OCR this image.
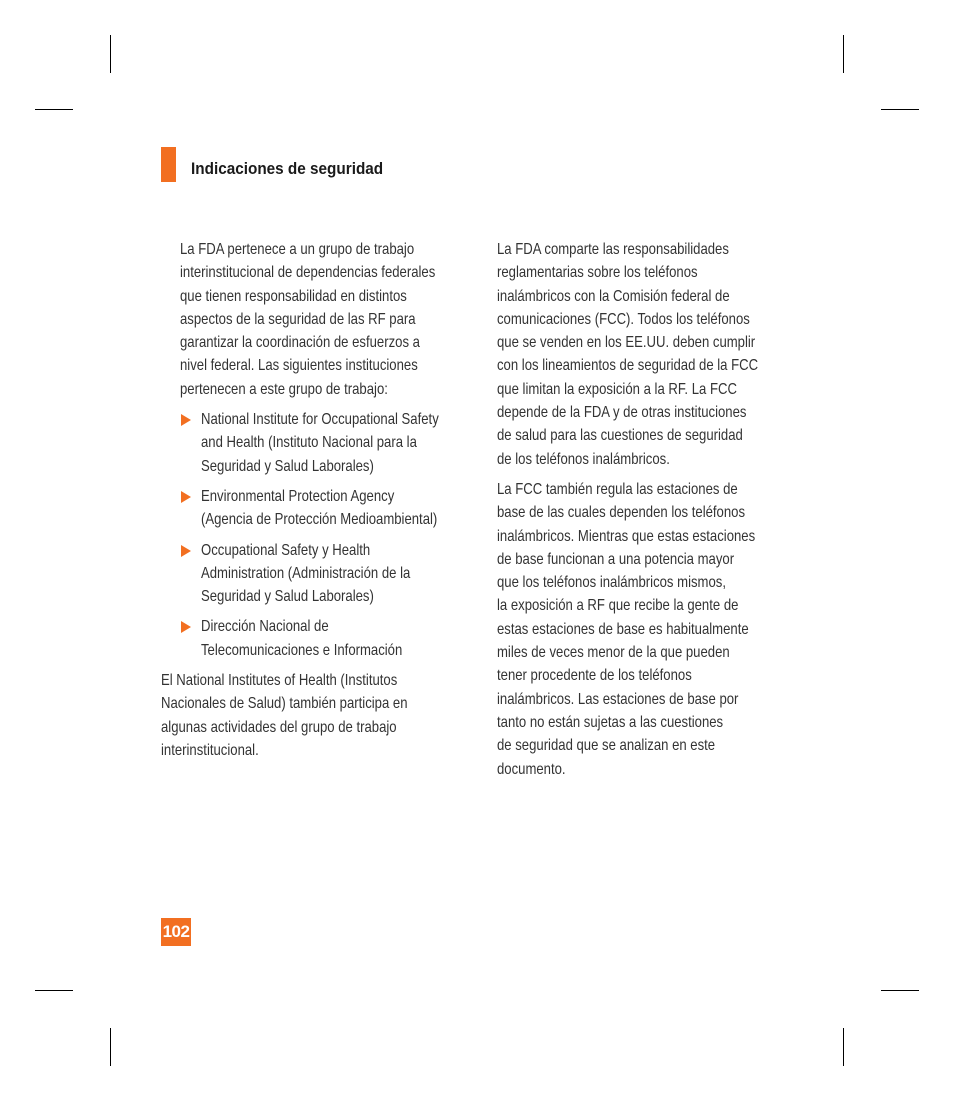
Indicaciones de seguridad

La FDA pertenece a un grupo de trabajo
interinstitucional de dependencias federales
que tienen responsabilidad en distintos
aspectos de la seguridad de las RF para
garantizar la coordinación de esfuerzos a
nivel federal. Las siguientes instituciones
pertenecen a este grupo de trabajo:

National Institute for Occupational Safety
and Health (Instituto Nacional para la
Seguridad y Salud Laborales)
Environmental Protection Agency
(Agencia de Protección Medioambiental)
Occupational Safety y Health
Administration (Administración de la
Seguridad y Salud Laborales)
Dirección Nacional de
Telecomunicaciones e Información

El National Institutes of Health (Institutos
Nacionales de Salud) también participa en
algunas actividades del grupo de trabajo
interinstitucional.

La FDA comparte las responsabilidades
reglamentarias sobre los teléfonos
inalámbricos con la Comisión federal de
comunicaciones (FCC). Todos los teléfonos
que se venden en los EE.UU. deben cumplir
con los lineamientos de seguridad de la FCC
que limitan la exposición a la RF. La FCC
depende de la FDA y de otras instituciones
de salud para las cuestiones de seguridad
de los teléfonos inalámbricos.

La FCC también regula las estaciones de
base de las cuales dependen los teléfonos
inalámbricos. Mientras que estas estaciones
de base funcionan a una potencia mayor
que los teléfonos inalámbricos mismos,
la exposición a RF que recibe la gente de
estas estaciones de base es habitualmente
miles de veces menor de la que pueden
tener procedente de los teléfonos
inalámbricos. Las estaciones de base por
tanto no están sujetas a las cuestiones
de seguridad que se analizan en este
documento.

102
